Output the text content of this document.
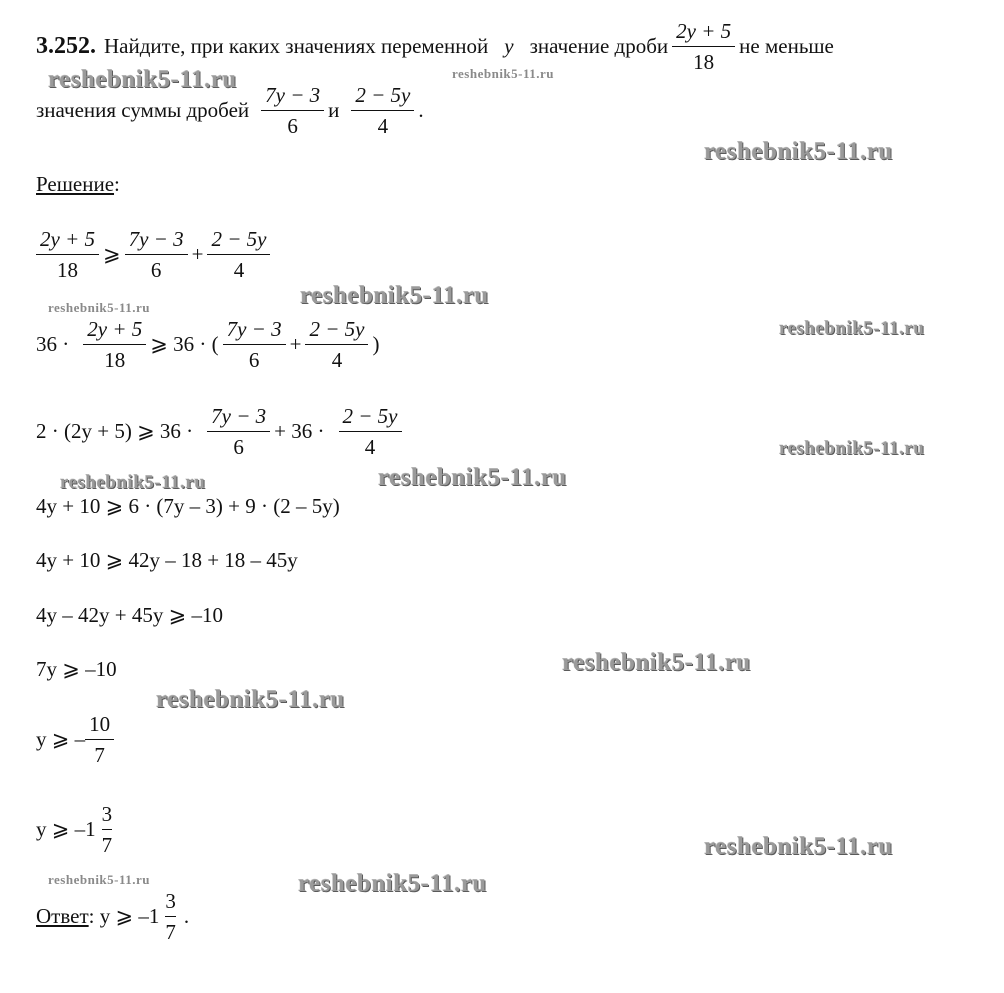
3.252. Найдите, при каких значениях переменной y значение дроби $\frac{2y + 5}{18}$ не меньше
значения суммы дробей $\frac{7y - 3}{6}$ и $\frac{2 - 5y}{4}$ .
Решение:
$\frac{2y + 5}{18}$ ⩾ $\frac{7y - 3}{6} + \frac{2 - 5y}{4}$
$36 \cdot \frac{2y + 5}{18}$ ⩾ 36 · ( $\frac{7y - 3}{6} + \frac{2 - 5y}{4}$ )
2 · (2y + 5) ⩾ $36 \cdot \frac{7y - 3}{6} + 36 \cdot \frac{2 - 5y}{4}$
4y + 10 ⩾ 6 · (7y – 3) + 9 · (2 – 5y)
4y + 10 ⩾ 42y – 18 + 18 – 45y
4y – 42y + 45y ⩾ –10
7y ⩾ –10
y ⩾ – $\frac{10}{7}$
y ⩾ $-1 \frac{3}{7}$
Ответ : y ⩾ $-1 \frac{3}{7}$ .
reshebnik5-11.ru	reshebnik5-11.ru
reshebnik5-11.ru
reshebnik5-11.ru
reshebnik5-11.ru
reshebnik5-11.ru
reshebnik5-11.ru
reshebnik5-11.ru	reshebnik5-11.ru
reshebnik5-11.ru
reshebnik5-11.ru
reshebnik5-11.ru
reshebnik5-11.ru	reshebnik5-11.ru
